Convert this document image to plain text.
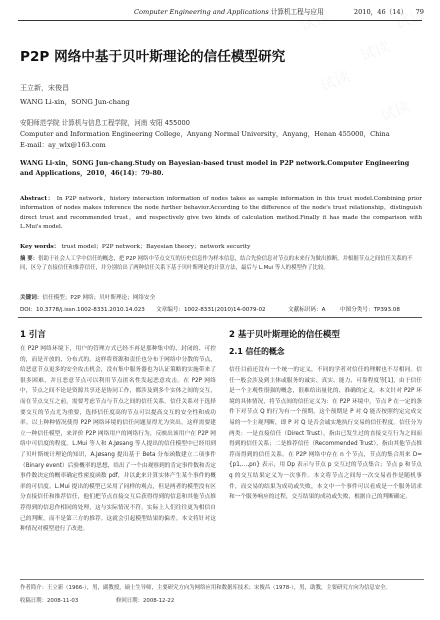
Computer Engineering and Applications 计算机工程与应用	2010，46（14） 79
P2P 网络中基于贝叶斯理论的信任模型研究
王立新，宋俊昌
WANG Li-xin，SONG Jun-chang
安阳师范学院 计算机与信息工程学院，河南 安阳 455000
Computer and Information Engineering College，Anyang Normal University，Anyang，Henan 455000，China
E-mail：ay_wlx@163.com
WANG Li-xin，SONG Jun-chang.Study on Bayesian-based trust model in P2P network.Computer Engineering and Applications，2010，46(14)：79-80.
Abstract： In P2P network，history interaction information of nodes takes as sample information in this trust model.Combining prior information of nodes makes inference the node further behavior.According to the difference of the node's trust relationship，distinguish direct trust and recommended trust，and respectively give two kinds of calculation method.Finally it has made the comparison with L.Mui's model.
Key words： trust model；P2P network；Bayesian theory；network security
摘 要：借助于社会人工学中信任的概念，把 P2P 网络中节点交互的历史信息作为样本信息，结合先验信息对节点的未来行为做出推断，并根据节点之间信任关系的不同，区分了直接信任和推荐信任，并分别给出了两种信任关系下基于贝叶斯理论的计算方法，最后与 L.Mui 等人的模型作了比较。
关键词：信任模型；P2P 网络；贝叶斯理论；网络安全
DOI：10.3778/j.issn.1002-8331.2010.14.023 文章编号：1002-8331(2010)14-0079-02	文献标识码：A	中图分类号：TP393.08
1 引言
在 P2P 网络环境下，用户的管理方式已经不再是那种集中的、封闭的、可控的，而是开放的、分布式的。这样将资源和责任也分布于网络中分散的节点，给恶意节点更多的安全攻击机会，没有集中服务器也为认证策略的实施带来了很多困难，并且恶意节点可以利用节点匿名性发起恶意攻击。在 P2P 网络中，节点之间不论是资源共享还是协同工作，都涉及到多个实体之间的交互，而在节点交互之前，需要考虑节点与节点之间的信任关系。信任关系对于选择要交互的节点尤为重要，选择信任度高的节点可以提高交互的安全性和成功率。以上种种情况使得 P2P 网络环境的信任问题显得尤为突出。这样需要建立一种信任模型，来评价 P2P 网络用户的网络行为，反映出该用户在 P2P 网络中可信度的程度。L.Mui 等人和 A.Jøsang 等人提出的信任模型中已经用到了贝叶斯统计理论的知识，A.Jøsang 提出基于 Beta 分布函数建立二项事件（Binary event）后验概率的思想，给出了一个由观察到的肯定事件数和否定事件数决定的概率确定性密度函数 pdf，并以此来计算实体产生某个事件的概率的可信度。L.Mui 提出的模型已采用了同样的观点，但是两者的模型没有区分直接信任和推荐信任，他们把节点直接交互后获得得到的信息和其他节点推荐得到的信息作相同的处理，这与实际情况不符。实际上人们往往更为相信自己的判断，而不是第三方的推荐。这就会引起模型结果的偏差。本文将针对这种情况对模型进行了改进。
2 基于贝叶斯理论的信任模型
2.1 信任的概念
信任目前还没有一个统一的定义，不同的学者对信任的理解也不尽相同。信任一般会涉及到主体或服务的诚实、真实、能力、可靠程度等[1]，由于信任是一个主观性很强的概念，很难给出量化的、准确的定义。本文针对 P2P 环境的具体情况，将节点间的信任定义为：在 P2P 环境中，节点 P 在一定的条件下对节点 Q 的行为有一个预期，这个预期是 P 对 Q 能否按照约定完成交易的一个主观判断，即 P 对 Q 是否会诚实地执行交易的信任程度。信任分为两类：一是直接信任（Direct Trust），指由已发生过的直接交互行为之间而得到的信任关系；二是推荐信任（Recommended Trust），指由其他节点推荐而得到的信任关系。在 P2P 网络中存在 n 个节点，节点的集合用来 D={p1,…,pn} 表示，用 Dp 表示与节点 p 交互过的节点集合；节点 p 和节点 q 的交互结果定义为一次事件。本文将节点之间每一次交易看作是随机事件，而交易的结果为成功或失败，本文中一个事件可以看成是一个服务请求和一个服务响应的过程，交互结果的成功或失败，根据自己的判断确定。
作者简介：王立新（1966-），男，副教授，硕士生导师，主要研究方向为网络应用和数据库技术；宋俊昌（1978-），男，助教，主要研究方向为信息安全。
收稿日期：2008-11-03	修回日期：2008-12-22
